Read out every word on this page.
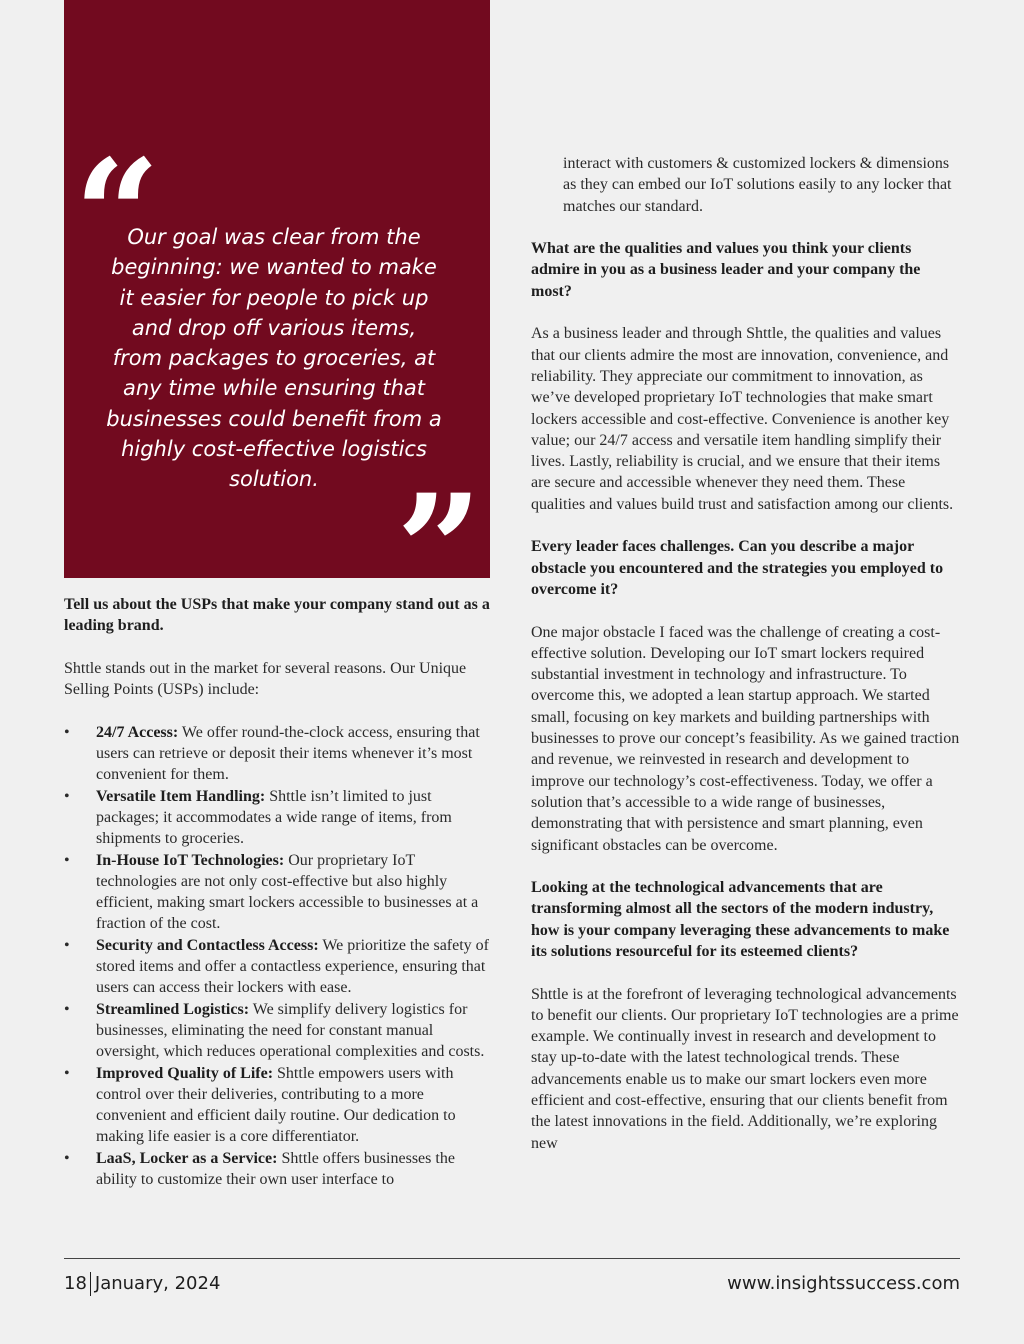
“

Our goal was clear from the beginning: we wanted to make it easier for people to pick up and drop off various items, from packages to groceries, at any time while ensuring that businesses could benefit from a highly cost-effective logistics solution. ”

Tell us about the USPs that make your company stand out as a leading brand.

Shttle stands out in the market for several reasons. Our Unique Selling Points (USPs) include:

• 24/7 Access: We offer round-the-clock access, ensuring that users can retrieve or deposit their items whenever it’s most convenient for them.
• Versatile Item Handling: Shttle isn’t limited to just packages; it accommodates a wide range of items, from shipments to groceries.
• In-House IoT Technologies: Our proprietary IoT technologies are not only cost-effective but also highly efficient, making smart lockers accessible to businesses at a fraction of the cost.
• Security and Contactless Access: We prioritize the safety of stored items and offer a contactless experience, ensuring that users can access their lockers with ease.
• Streamlined Logistics: We simplify delivery logistics for businesses, eliminating the need for constant manual oversight, which reduces operational complexities and costs.
• Improved Quality of Life: Shttle empowers users with control over their deliveries, contributing to a more convenient and efficient daily routine. Our dedication to making life easier is a core differentiator.
• LaaS, Locker as a Service: Shttle offers businesses the ability to customize their own user interface to

interact with customers & customized lockers & dimensions as they can embed our IoT solutions easily to any locker that matches our standard.

What are the qualities and values you think your clients admire in you as a business leader and your company the most?

As a business leader and through Shttle, the qualities and values that our clients admire the most are innovation, convenience, and reliability. They appreciate our commitment to innovation, as we’ve developed proprietary IoT technologies that make smart lockers accessible and cost-effective. Convenience is another key value; our 24/7 access and versatile item handling simplify their lives. Lastly, reliability is crucial, and we ensure that their items are secure and accessible whenever they need them. These qualities and values build trust and satisfaction among our clients.

Every leader faces challenges. Can you describe a major obstacle you encountered and the strategies you employed to overcome it?

One major obstacle I faced was the challenge of creating a cost-effective solution. Developing our IoT smart lockers required substantial investment in technology and infrastructure. To overcome this, we adopted a lean startup approach. We started small, focusing on key markets and building partnerships with businesses to prove our concept’s feasibility. As we gained traction and revenue, we reinvested in research and development to improve our technology’s cost-effectiveness. Today, we offer a solution that’s accessible to a wide range of businesses, demonstrating that with persistence and smart planning, even significant obstacles can be overcome.

Looking at the technological advancements that are transforming almost all the sectors of the modern industry, how is your company leveraging these advancements to make its solutions resourceful for its esteemed clients?

Shttle is at the forefront of leveraging technological advancements to benefit our clients. Our proprietary IoT technologies are a prime example. We continually invest in research and development to stay up-to-date with the latest technological trends. These advancements enable us to make our smart lockers even more efficient and cost-effective, ensuring that our clients benefit from the latest innovations in the field. Additionally, we’re exploring new

18 January, 2024	www.insightssuccess.com
